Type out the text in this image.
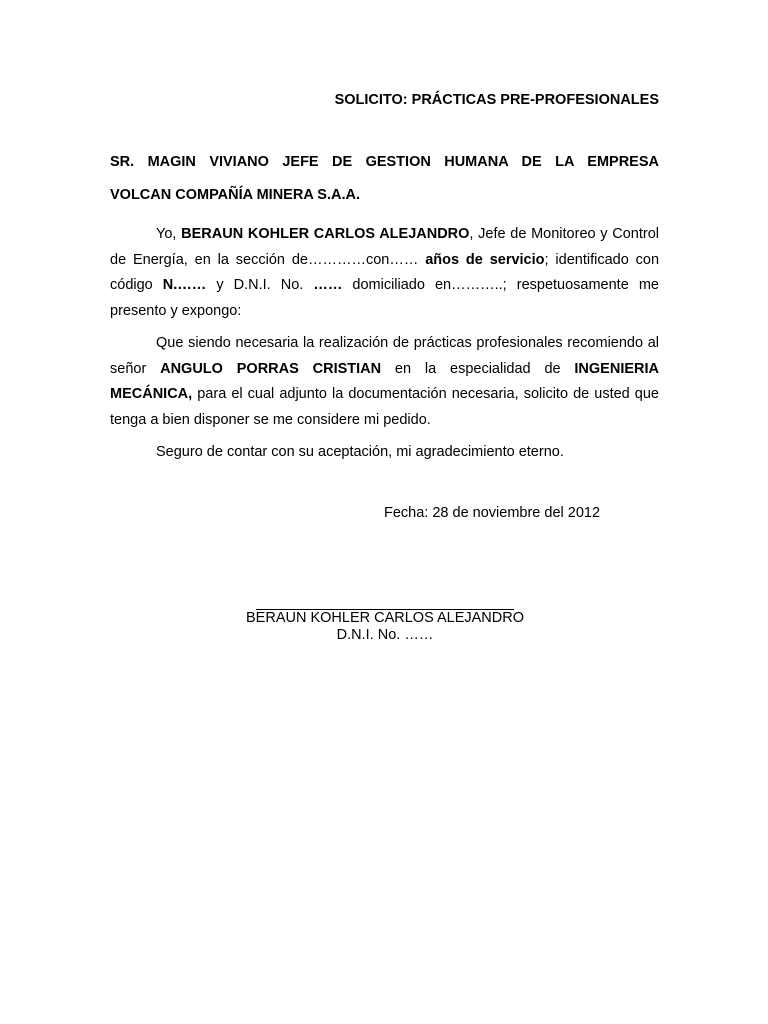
SOLICITO: PRÁCTICAS PRE-PROFESIONALES
SR. MAGIN VIVIANO JEFE DE GESTION HUMANA DE LA EMPRESA
VOLCAN COMPAÑÍA MINERA S.A.A.

Yo, BERAUN KOHLER CARLOS ALEJANDRO, Jefe de Monitoreo y Control de Energía, en la sección de…………con…… años de servicio; identificado con código N.…… y D.N.I. No. …… domiciliado en………..; respetuosamente me presento y expongo:

Que siendo necesaria la realización de prácticas profesionales recomiendo al señor ANGULO PORRAS CRISTIAN en la especialidad de INGENIERIA MECÁNICA, para el cual adjunto la documentación necesaria, solicito de usted que tenga a bien disponer se me considere mi pedido.

Seguro de contar con su aceptación, mi agradecimiento eterno.

Fecha: 28 de noviembre del 2012
BERAUN KOHLER CARLOS ALEJANDRO
D.N.I. No. ……
